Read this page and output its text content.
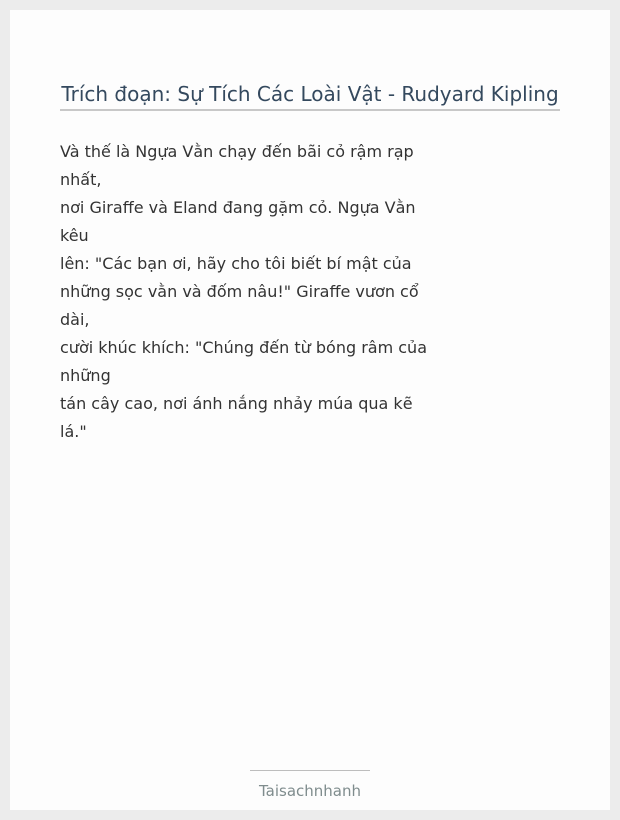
Trích đoạn: Sự Tích Các Loài Vật - Rudyard Kipling
Và thế là Ngựa Vằn chạy đến bãi cỏ rậm rạp
nhất,
nơi Giraffe và Eland đang gặm cỏ. Ngựa Vằn
kêu
lên: "Các bạn ơi, hãy cho tôi biết bí mật của
những sọc vằn và đốm nâu!" Giraffe vươn cổ
dài,
cười khúc khích: "Chúng đến từ bóng râm của
những
tán cây cao, nơi ánh nắng nhảy múa qua kẽ
lá."
Taisachnhanh
